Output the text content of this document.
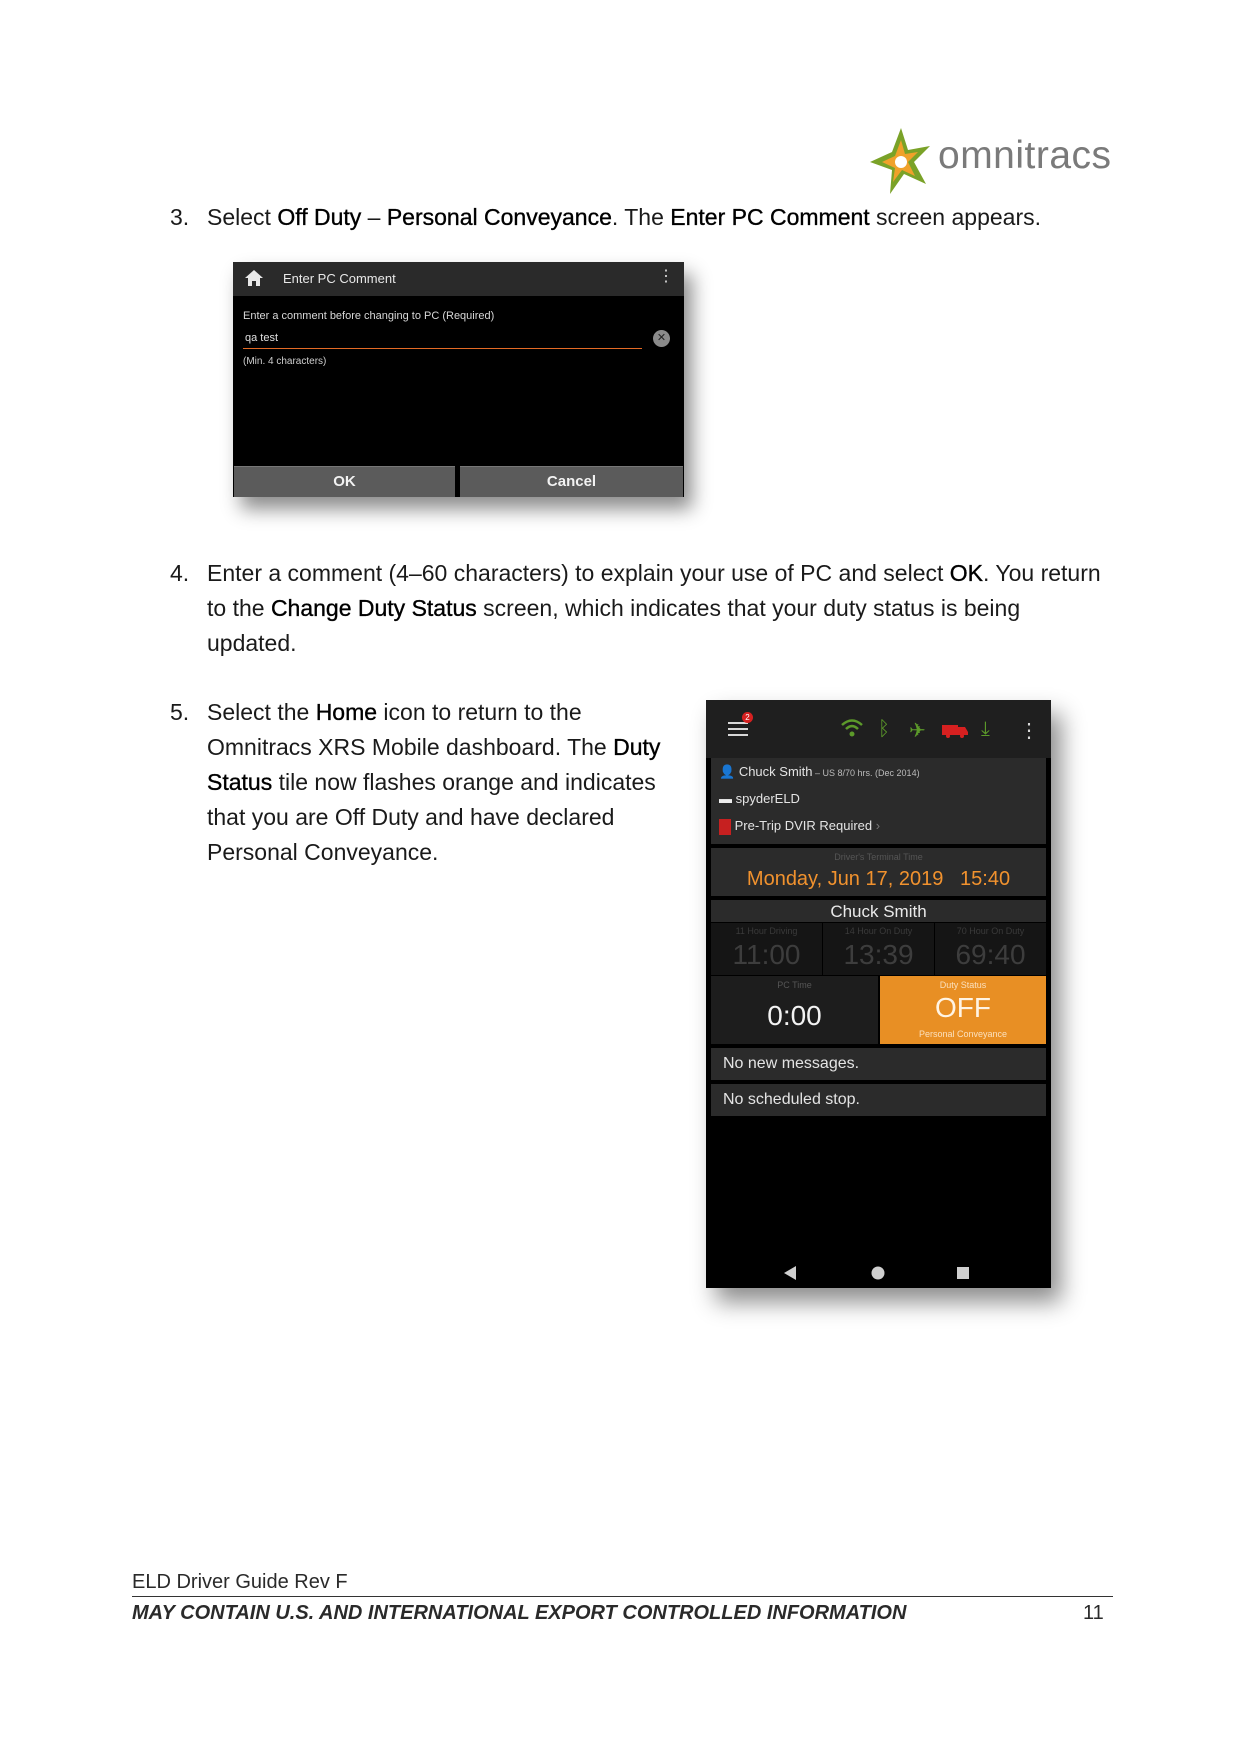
omnitracs
3. Select Off Duty – Personal Conveyance. The Enter PC Comment screen appears.
Enter PC Comment	⋮
Enter a comment before changing to PC (Required)
qa test
✕
(Min. 4 characters)
OK	Cancel
4. Enter a comment (4–60 characters) to explain your use of PC and select OK. You return
to the Change Duty Status screen, which indicates that your duty status is being
updated.
5. Select the Home icon to return to the
Omnitracs XRS Mobile dashboard. The Duty
Status tile now flashes orange and indicates
that you are Off Duty and have declared
Personal Conveyance.
2
ᛒ ✈	⤓ ⋮
👤 Chuck Smith – US 8/70 hrs. (Dec 2014)
▬ spyderELD
Pre-Trip DVIR Required ›
Driver's Terminal Time
Monday, Jun 17, 2019 15:40
Chuck Smith
11 Hour Driving
11:00
14 Hour On Duty
13:39
70 Hour On Duty
69:40
PC Time
0:00
Duty Status
OFF
Personal Conveyance
No new messages.
No scheduled stop.
ELD Driver Guide Rev F
MAY CONTAIN U.S. AND INTERNATIONAL EXPORT CONTROLLED INFORMATION	11
